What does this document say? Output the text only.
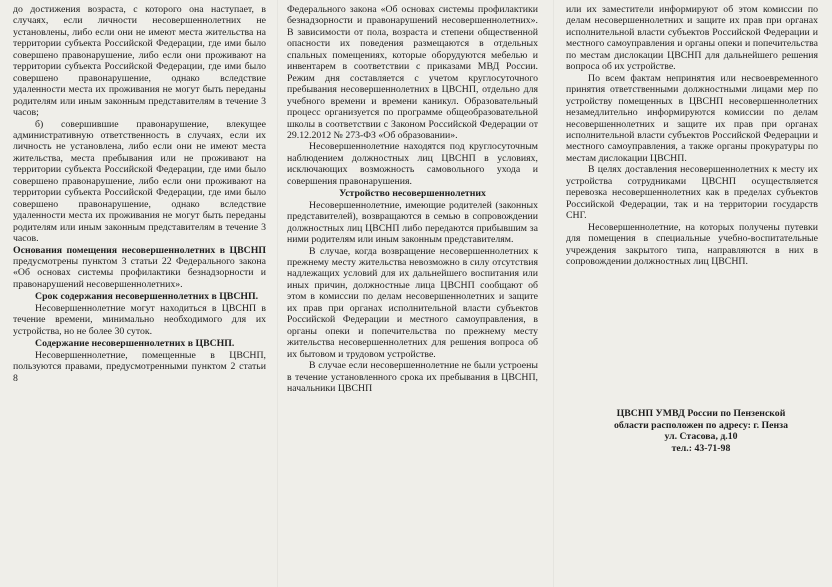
до достижения возраста, с которого она наступает, в случаях, если личности несовершеннолетних не установлены, либо если они не имеют места жительства на территории субъекта Российской Федерации, где ими было совершено правонарушение, либо если они проживают на территории субъекта Российской Федерации, где ими было совершено правонарушение, однако вследствие удаленности места их проживания не могут быть переданы родителям или иным законным представителям в течение 3 часов;

б) совершившие правонарушение, влекущее административную ответственность в случаях, если их личность не установлена, либо если они не имеют места жительства, места пребывания или не проживают на территории субъекта Российской Федерации, где ими было совершено правонарушение, либо если они проживают на территории субъекта Российской Федерации, где ими было совершено правонарушение, однако вследствие удаленности места их проживания не могут быть переданы родителям или иным законным представителям в течение 3 часов.

Основания помещения несовершеннолетних в ЦВСНП предусмотрены пунктом 3 статьи 22 Федерального закона «Об основах системы профилактики безнадзорности и правонарушений несовершеннолетних».

Срок содержания несовершеннолетних в ЦВСНП.

Несовершеннолетние могут находиться в ЦВСНП в течение времени, минимально необходимого для их устройства, но не более 30 суток.

Содержание несовершеннолетних в ЦВСНП.

Несовершеннолетние, помещенные в ЦВСНП, пользуются правами, предусмотренными пунктом 2 статьи 8

Федерального закона «Об основах системы профилактики безнадзорности и правонарушений несовершеннолетних». В зависимости от пола, возраста и степени общественной опасности их поведения размещаются в отдельных спальных помещениях, которые оборудуются мебелью и инвентарем в соответствии с приказами МВД России. Режим дня составляется с учетом круглосуточного пребывания несовершеннолетних в ЦВСНП, отдельно для учебного времени и времени каникул. Образовательный процесс организуется по программе общеобразовательной школы в соответствии с Законом Российской Федерации от 29.12.2012 № 273-ФЗ «Об образовании».

Несовершеннолетние находятся под круглосуточным наблюдением должностных лиц ЦВСНП в условиях, исключающих возможность самовольного ухода и совершения правонарушения.

Устройство несовершеннолетних

Несовершеннолетние, имеющие родителей (законных представителей), возвращаются в семью в сопровождении должностных лиц ЦВСНП либо передаются прибывшим за ними родителям или иным законным представителям.

В случае, когда возвращение несовершеннолетних к прежнему месту жительства невозможно в силу отсутствия надлежащих условий для их дальнейшего воспитания или иных причин, должностные лица ЦВСНП сообщают об этом в комиссии по делам несовершеннолетних и защите их прав при органах исполнительной власти субъектов Российской Федерации и местного самоуправления, в органы опеки и попечительства по прежнему месту жительства несовершеннолетних для решения вопроса об их бытовом и трудовом устройстве.

В случае если несовершеннолетние не были устроены в течение установленного срока их пребывания в ЦВСНП, начальники ЦВСНП

или их заместители информируют об этом комиссии по делам несовершеннолетних и защите их прав при органах исполнительной власти субъектов Российской Федерации и местного самоуправления и органы опеки и попечительства по местам дислокации ЦВСНП для дальнейшего решения вопроса об их устройстве.

По всем фактам непринятия или несвоевременного принятия ответственными должностными лицами мер по устройству помещенных в ЦВСНП несовершеннолетних незамедлительно информируются комиссии по делам несовершеннолетних и защите их прав при органах исполнительной власти субъектов Российской Федерации и местного самоуправления, а также органы прокуратуры по местам дислокации ЦВСНП.

В целях доставления несовершеннолетних к месту их устройства сотрудниками ЦВСНП осуществляется перевозка несовершеннолетних как в пределах субъектов Российской Федерации, так и на территории государств СНГ.

Несовершеннолетние, на которых получены путевки для помещения в специальные учебно-воспитательные учреждения закрытого типа, направляются в них в сопровождении должностных лиц ЦВСНП.

ЦВСНП УМВД России по Пензенской
области расположен по адресу: г. Пенза
ул. Стасова, д.10
тел.: 43-71-98
